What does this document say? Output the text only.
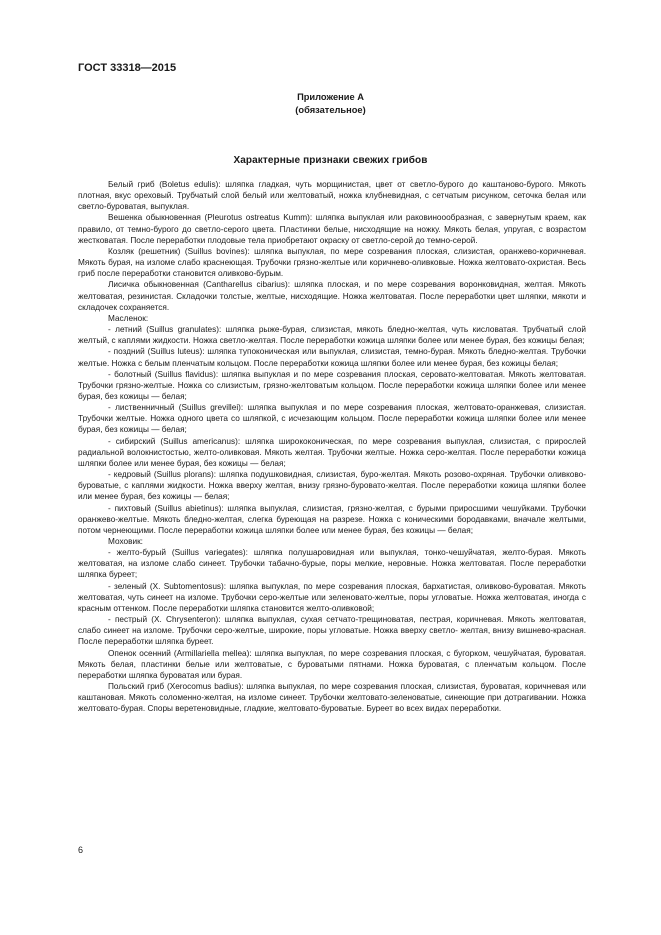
ГОСТ 33318—2015
Приложение А
(обязательное)
Характерные признаки свежих грибов

Белый гриб (Boletus edulis): шляпка гладкая, чуть морщинистая, цвет от светло-бурого до каштаново-бурого. Мякоть плотная, вкус ореховый. Трубчатый слой белый или желтоватый, ножка клубневидная, с сетчатым рисунком, сеточка белая или светло-буроватая, выпуклая.

Вешенка обыкновенная (Pleurotus ostreatus Kumm): шляпка выпуклая или раковиноообразная, с завернутым краем, как правило, от темно-бурого до светло-серого цвета. Пластинки белые, нисходящие на ножку. Мякоть белая, упругая, с возрастом жестковатая. После переработки плодовые тела приобретают окраску от светло-серой до темно-серой.

Козляк (решетник) (Suillus bovines): шляпка выпуклая, по мере созревания плоская, слизистая, оранжево-коричневая. Мякоть бурая, на изломе слабо краснеющая. Трубочки грязно-желтые или коричнево-оливковые. Ножка желтовато-охристая. Весь гриб после переработки становится оливково-бурым.

Лисичка обыкновенная (Cantharellus cibarius): шляпка плоская, и по мере созревания воронковидная, желтая. Мякоть желтоватая, резинистая. Складочки толстые, желтые, нисходящие. Ножка желтоватая. После переработки цвет шляпки, мякоти и складочек сохраняется.

Масленок:

- летний (Suillus granulates): шляпка рыже-бурая, слизистая, мякоть бледно-желтая, чуть кисловатая. Трубчатый слой желтый, с каплями жидкости. Ножка светло-желтая. После переработки кожица шляпки более или менее бурая, без кожицы белая;

- поздний (Suillus luteus): шляпка тупоконическая или выпуклая, слизистая, темно-бурая. Мякоть бледно-желтая. Трубочки желтые. Ножка с белым пленчатым кольцом. После переработки кожица шляпки более или менее бурая, без кожицы белая;

- болотный (Suillus flavidus): шляпка выпуклая и по мере созревания плоская, серовато-желтоватая. Мякоть желтоватая. Трубочки грязно-желтые. Ножка со слизистым, грязно-желтоватым кольцом. После переработки кожица шляпки более или менее бурая, без кожицы — белая;

- лиственничный (Suillus grevillei): шляпка выпуклая и по мере созревания плоская, желтовато-оранжевая, слизистая. Трубочки желтые. Ножка одного цвета со шляпкой, с исчезающим кольцом. После переработки кожица шляпки более или менее бурая, без кожицы — белая;

- сибирский (Suillus americanus): шляпка ширококоническая, по мере созревания выпуклая, слизистая, с прирослей радиальной волокнистостью, желто-оливковая. Мякоть желтая. Трубочки желтые. Ножка серо-желтая. После переработки кожица шляпки более или менее бурая, без кожицы — белая;

- кедровый (Suillus plorans): шляпка подушковидная, слизистая, буро-желтая. Мякоть розово-охряная. Трубочки оливково-буроватые, с каплями жидкости. Ножка вверху желтая, внизу грязно-буровато-желтая. После переработки кожица шляпки более или менее бурая, без кожицы — белая;

- пихтовый (Suillus abietinus): шляпка выпуклая, слизистая, грязно-желтая, с бурыми приросшими чешуйками. Трубочки оранжево-желтые. Мякоть бледно-желтая, слегка буреющая на разрезе. Ножка с коническими бородавками, вначале желтыми, потом чернеющими. После переработки кожица шляпки более или менее бурая, без кожицы — белая;

Моховик:

- желто-бурый (Suillus variegates): шляпка полушаровидная или выпуклая, тонко-чешуйчатая, желто-бурая. Мякоть желтоватая, на изломе слабо синеет. Трубочки табачно-бурые, поры мелкие, неровные. Ножка желтоватая. После переработки шляпка буреет;

- зеленый (X. Subtomentosus): шляпка выпуклая, по мере созревания плоская, бархатистая, оливково-буроватая. Мякоть желтоватая, чуть синеет на изломе. Трубочки серо-желтые или зеленовато-желтые, поры угловатые. Ножка желтоватая, иногда с красным оттенком. После переработки шляпка становится желто-оливковой;

- пестрый (X. Chrysenteron): шляпка выпуклая, сухая сетчато-трещиноватая, пестрая, коричневая. Мякоть желтоватая, слабо синеет на изломе. Трубочки серо-желтые, широкие, поры угловатые. Ножка вверху светло- желтая, внизу вишнево-красная. После переработки шляпка буреет.

Опенок осенний (Armillariella mellea): шляпка выпуклая, по мере созревания плоская, с бугорком, чешуйчатая, буроватая. Мякоть белая, пластинки белые или желтоватые, с буроватыми пятнами. Ножка буроватая, с пленчатым кольцом. После переработки шляпка буроватая или бурая.

Польский гриб (Xerocomus badius): шляпка выпуклая, по мере созревания плоская, слизистая, буроватая, коричневая или каштановая. Мякоть соломенно-желтая, на изломе синеет. Трубочки желтовато-зеленоватые, синеющие при дотрагивании. Ножка желтовато-бурая. Споры веретеновидные, гладкие, желтовато-буроватые. Буреет во всех видах переработки.

6
